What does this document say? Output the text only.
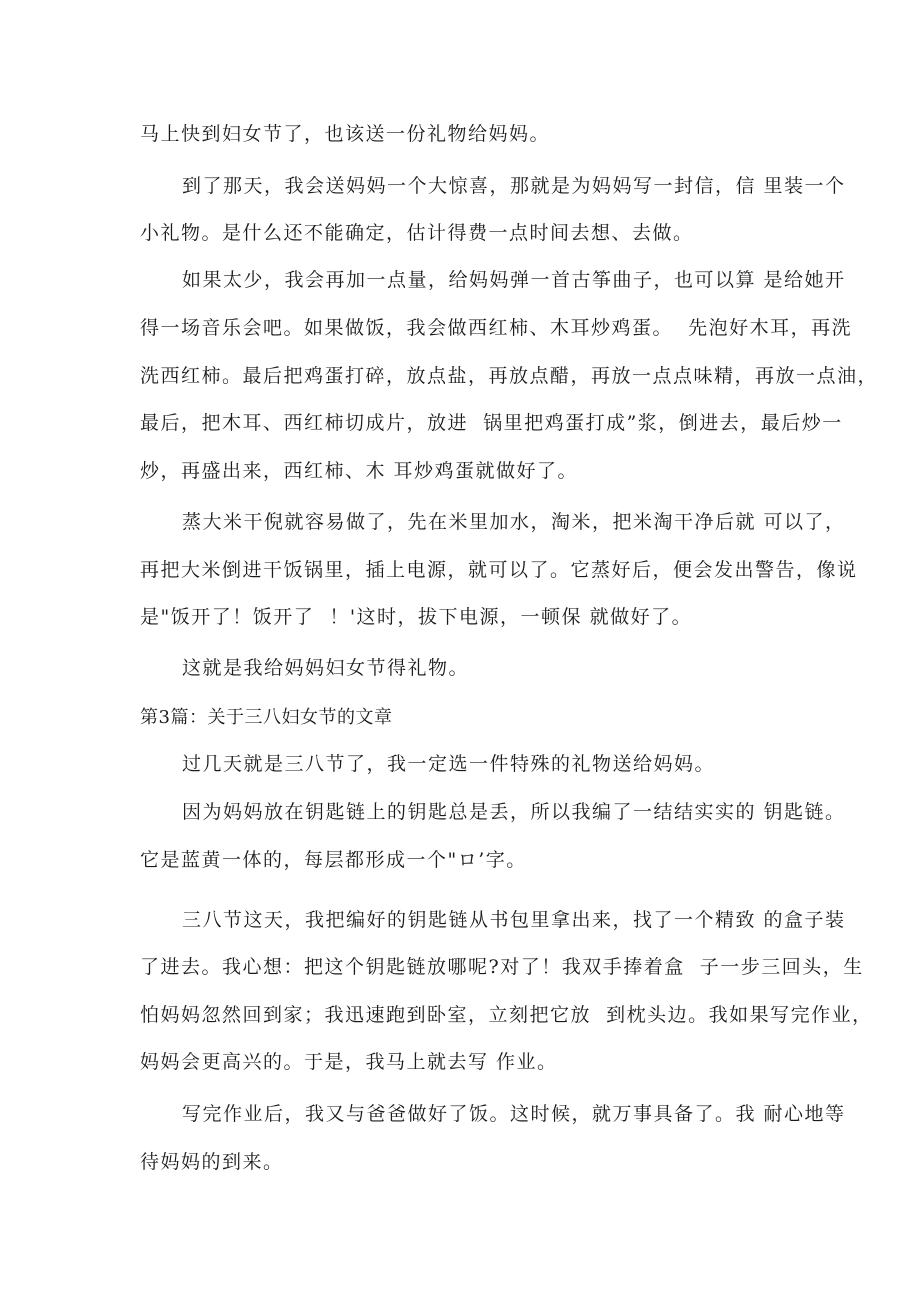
马上快到妇女节了，也该送一份礼物给妈妈。
到了那天，我会送妈妈一个大惊喜，那就是为妈妈写一封信，信 里装一个
小礼物。是什么还不能确定，估计得费一点时间去想、去做。
如果太少，我会再加一点量，给妈妈弹一首古筝曲子，也可以算 是给她开
得一场音乐会吧。如果做饭，我会做西红柿、木耳炒鸡蛋。  先泡好木耳，再洗
洗西红柿。最后把鸡蛋打碎，放点盐，再放点醋，再放一点点味精，再放一点油，
最后，把木耳、西红柿切成片，放进  锅里把鸡蛋打成”浆，倒进去，最后炒一
炒，再盛出来，西红柿、木 耳炒鸡蛋就做好了。
蒸大米干倪就容易做了，先在米里加水，淘米，把米淘干净后就 可以了，
再把大米倒进干饭锅里，插上电源，就可以了。它蒸好后，便会发出警告，像说
是"饭开了！饭开了  ！'这时，拔下电源，一顿保 就做好了。
这就是我给妈妈妇女节得礼物。
第3篇：关于三八妇女节的文章
过几天就是三八节了，我一定选一件特殊的礼物送给妈妈。
因为妈妈放在钥匙链上的钥匙总是丢，所以我编了一结结实实的 钥匙链。
它是蓝黄一体的，每层都形成一个"ロ’字。
三八节这天，我把编好的钥匙链从书包里拿出来，找了一个精致 的盒子装
了进去。我心想：把这个钥匙链放哪呢?对了！我双手捧着盒  子一步三回头，生
怕妈妈忽然回到家；我迅速跑到卧室，立刻把它放  到枕头边。我如果写完作业，
妈妈会更高兴的。于是，我马上就去写 作业。
写完作业后，我又与爸爸做好了饭。这时候，就万事具备了。我 耐心地等
待妈妈的到来。
